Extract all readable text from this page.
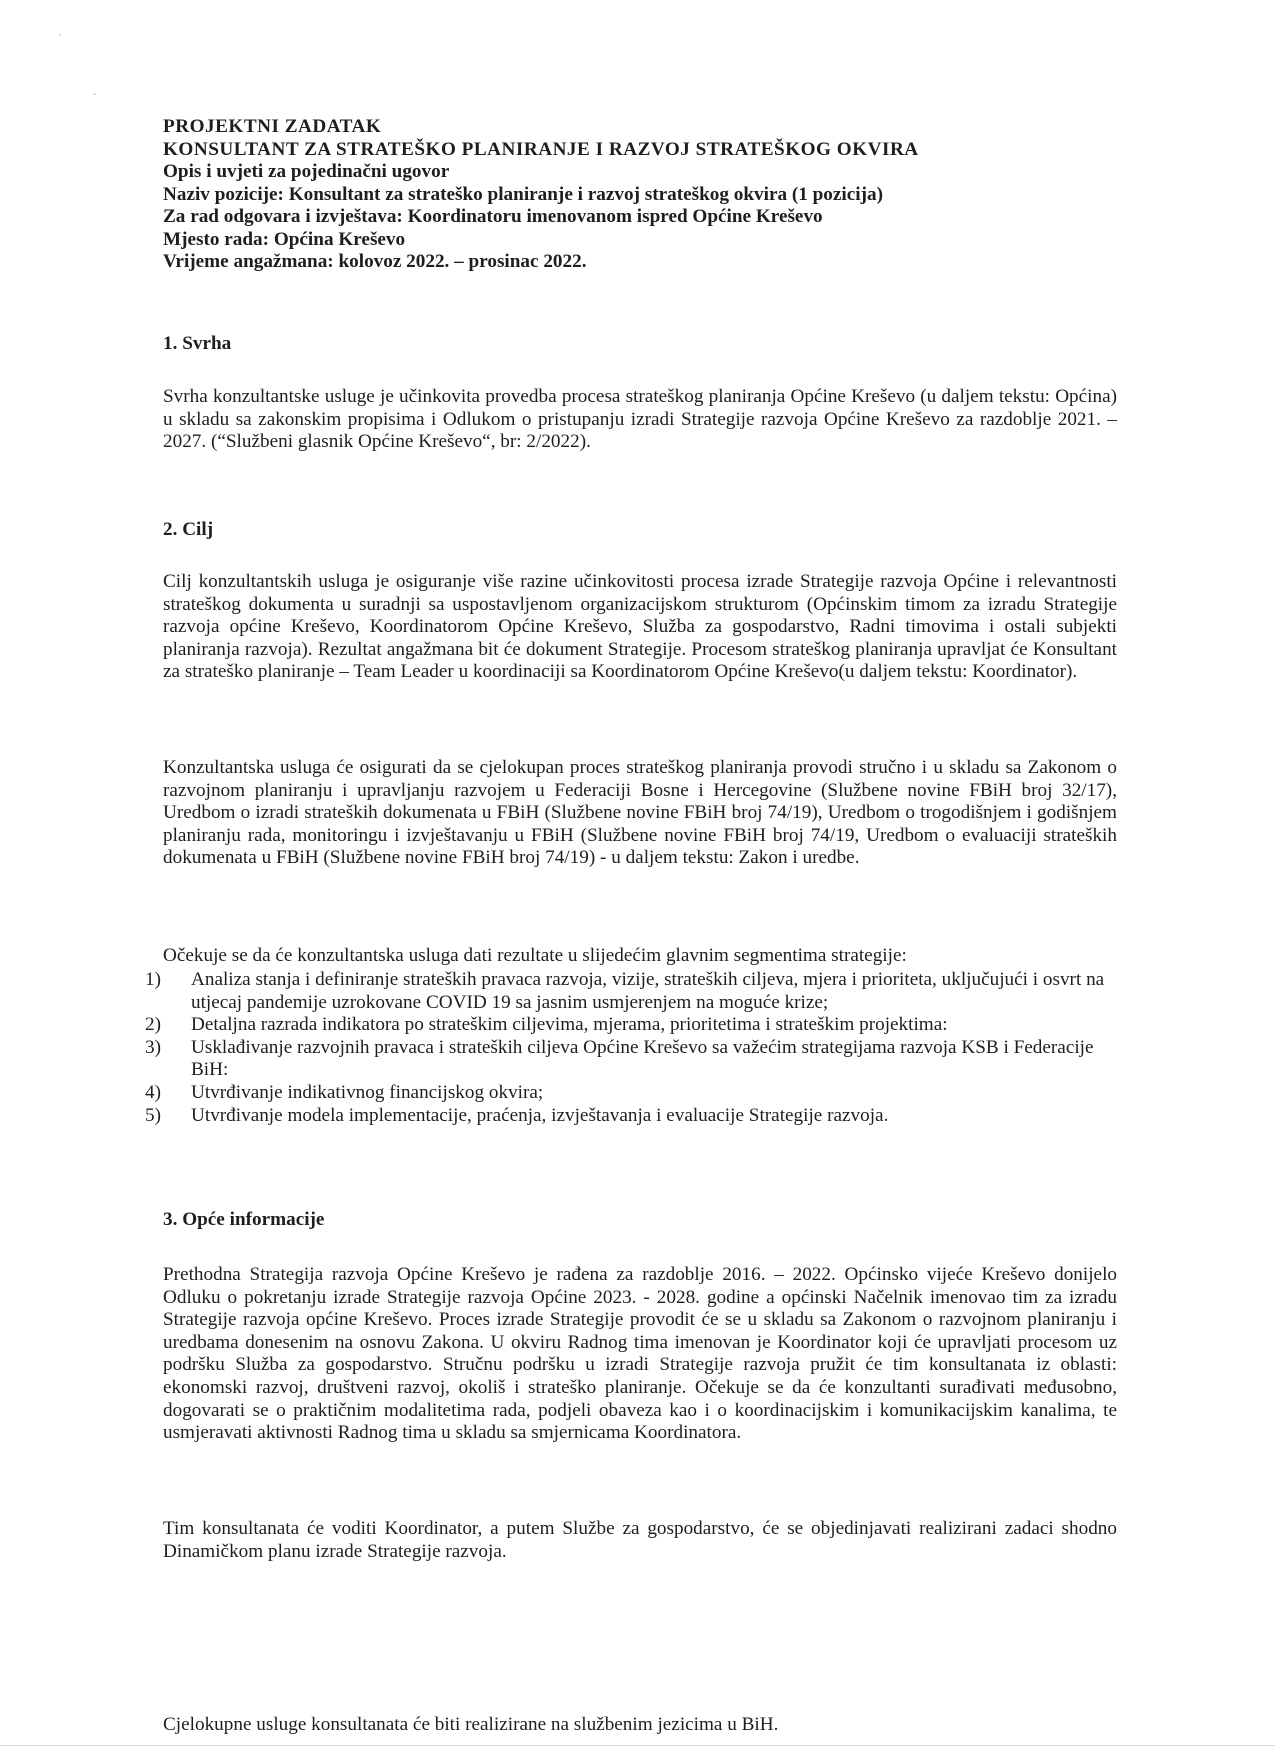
˙
·
PROJEKTNI ZADATAK
KONSULTANT ZA STRATEŠKO PLANIRANJE I RAZVOJ STRATEŠKOG OKVIRA
Opis i uvjeti za pojedinačni ugovor
Naziv pozicije: Konsultant za strateško planiranje i razvoj strateškog okvira (1 pozicija)
Za rad odgovara i izvještava: Koordinatoru imenovanom ispred Općine Kreševo
Mjesto rada: Općina Kreševo
Vrijeme angažmana: kolovoz 2022. – prosinac 2022.
1. Svrha

Svrha konzultantske usluge je učinkovita provedba procesa strateškog planiranja Općine Kreševo (u daljem tekstu: Općina) u skladu sa zakonskim propisima i Odlukom o pristupanju izradi Strategije razvoja Općine Kreševo za razdoblje 2021. – 2027. (“Službeni glasnik Općine Kreševo“, br: 2/2022).

2. Cilj

Cilj konzultantskih usluga je osiguranje više razine učinkovitosti procesa izrade Strategije razvoja Općine i relevantnosti strateškog dokumenta u suradnji sa uspostavljenom organizacijskom strukturom (Općinskim timom za izradu Strategije razvoja općine Kreševo, Koordinatorom Općine Kreševo, Služba za gospodarstvo, Radni timovima i ostali subjekti planiranja razvoja). Rezultat angažmana bit će dokument Strategije. Procesom strateškog planiranja upravljat će Konsultant za strateško planiranje – Team Leader u koordinaciji sa Koordinatorom Općine Kreševo(u daljem tekstu: Koordinator).

Konzultantska usluga će osigurati da se cjelokupan proces strateškog planiranja provodi stručno i u skladu sa Zakonom o razvojnom planiranju i upravljanju razvojem u Federaciji Bosne i Hercegovine (Službene novine FBiH broj 32/17), Uredbom o izradi strateških dokumenata u FBiH (Službene novine FBiH broj 74/19), Uredbom o trogodišnjem i godišnjem planiranju rada, monitoringu i izvještavanju u FBiH (Službene novine FBiH broj 74/19, Uredbom o evaluaciji strateških dokumenata u FBiH (Službene novine FBiH broj 74/19) - u daljem tekstu: Zakon i uredbe.

Očekuje se da će konzultantska usluga dati rezultate u slijedećim glavnim segmentima strategije:

1) Analiza stanja i definiranje strateških pravaca razvoja, vizije, strateških ciljeva, mjera i prioriteta, uključujući i osvrt na utjecaj pandemije uzrokovane COVID 19 sa jasnim usmjerenjem na moguće krize;
2) Detaljna razrada indikatora po strateškim ciljevima, mjerama, prioritetima i strateškim projektima:
3) Usklađivanje razvojnih pravaca i strateških ciljeva Općine Kreševo sa važećim strategijama razvoja KSB i Federacije BiH:
4) Utvrđivanje indikativnog financijskog okvira;
5) Utvrđivanje modela implementacije, praćenja, izvještavanja i evaluacije Strategije razvoja.
3. Opće informacije

Prethodna Strategija razvoja Općine Kreševo je rađena za razdoblje 2016. – 2022. Općinsko vijeće Kreševo donijelo Odluku o pokretanju izrade Strategije razvoja Općine 2023. - 2028. godine a općinski Načelnik imenovao tim za izradu Strategije razvoja općine Kreševo. Proces izrade Strategije provodit će se u skladu sa Zakonom o razvojnom planiranju i uredbama donesenim na osnovu Zakona. U okviru Radnog tima imenovan je Koordinator koji će upravljati procesom uz podršku Služba za gospodarstvo. Stručnu podršku u izradi Strategije razvoja pružit će tim konsultanata iz oblasti: ekonomski razvoj, društveni razvoj, okoliš i strateško planiranje. Očekuje se da će konzultanti surađivati međusobno, dogovarati se o praktičnim modalitetima rada, podjeli obaveza kao i o koordinacijskim i komunikacijskim kanalima, te usmjeravati aktivnosti Radnog tima u skladu sa smjernicama Koordinatora.

Tim konsultanata će voditi Koordinator, a putem Službe za gospodarstvo, će se objedinjavati realizirani zadaci shodno Dinamičkom planu izrade Strategije razvoja.

Cjelokupne usluge konsultanata će biti realizirane na službenim jezicima u BiH.
